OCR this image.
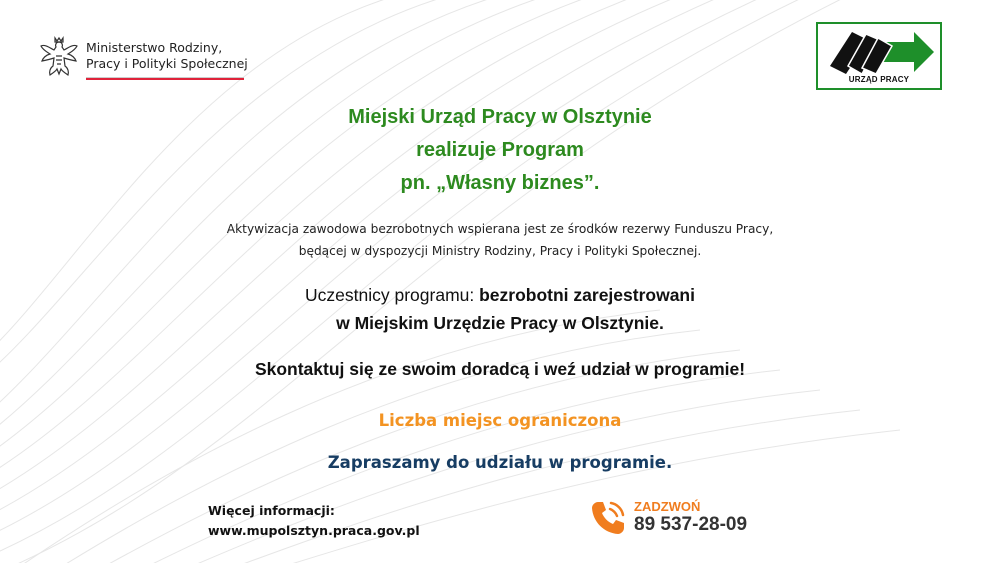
Ministerstwo Rodziny,
Pracy i Polityki Społecznej
URZĄD PRACY
Miejski Urząd Pracy w Olsztynie
realizuje Program
pn. „Własny biznes”.
Aktywizacja zawodowa bezrobotnych wspierana jest ze środków rezerwy Funduszu Pracy,
będącej w dyspozycji Ministry Rodziny, Pracy i Polityki Społecznej.
Uczestnicy programu: bezrobotni zarejestrowani
w Miejskim Urzędzie Pracy w Olsztynie.
Skontaktuj się ze swoim doradcą i weź udział w programie!
Liczba miejsc ograniczona
Zapraszamy do udziału w programie.
Więcej informacji:
www.mupolsztyn.praca.gov.pl
ZADZWOŃ
89 537-28-09
